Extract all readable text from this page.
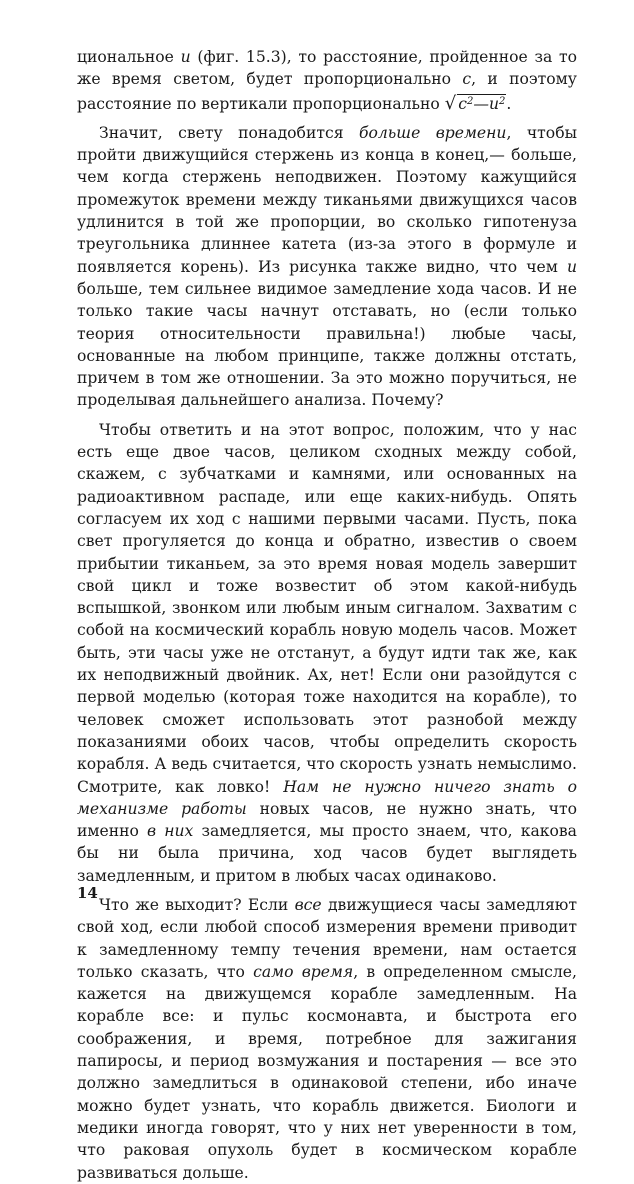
циональное u (фиг. 15.3), то расстояние, пройденное за то же время светом, будет пропорционально c, и поэтому расстояние по вертикали пропорционально √ $c^2—u^2$.

Значит, свету понадобится больше времени, чтобы пройти движущийся стержень из конца в конец,— больше, чем когда стержень неподвижен. Поэтому кажущийся промежуток времени между тиканьями движущихся часов удлинится в той же пропорции, во сколько гипотенуза треугольника длиннее катета (из-за этого в формуле и появляется корень). Из рисунка также видно, что чем u больше, тем сильнее видимое замедление хода часов. И не только такие часы начнут отставать, но (если только теория относительности правильна!) любые часы, основанные на любом принципе, также должны отстать, причем в том же отношении. За это можно поручиться, не проделывая дальнейшего анализа. Почему?

Чтобы ответить и на этот вопрос, положим, что у нас есть еще двое часов, целиком сходных между собой, скажем, с зубчатками и камнями, или основанных на радиоактивном распаде, или еще каких-нибудь. Опять согласуем их ход с нашими первыми часами. Пусть, пока свет прогуляется до конца и обратно, известив о своем прибытии тиканьем, за это время новая модель завершит свой цикл и тоже возвестит об этом какой-нибудь вспышкой, звонком или любым иным сигналом. Захватим с собой на космический корабль новую модель часов. Может быть, эти часы уже не отстанут, а будут идти так же, как их неподвижный двойник. Ах, нет! Если они разойдутся с первой моделью (которая тоже находится на корабле), то человек сможет использовать этот разнобой между показаниями обоих часов, чтобы определить скорость корабля. А ведь считается, что скорость узнать немыслимо. Смотрите, как ловко! Нам не нужно ничего знать о механизме работы новых часов, не нужно знать, что именно в них замедляется, мы просто знаем, что, какова бы ни была причина, ход часов будет выглядеть замедленным, и притом в любых часах одинаково.

Что же выходит? Если все движущиеся часы замедляют свой ход, если любой способ измерения времени приводит к замедленному темпу течения времени, нам остается только сказать, что само время, в определенном смысле, кажется на движущемся корабле замедленным. На корабле все: и пульс космонавта, и быстрота его соображения, и время, потребное для зажигания папиросы, и период возмужания и постарения — все это должно замедлиться в одинаковой степени, ибо иначе можно будет узнать, что корабль движется. Биологи и медики иногда говорят, что у них нет уверенности в том, что раковая опухоль будет в космическом корабле развиваться дольше.

14
